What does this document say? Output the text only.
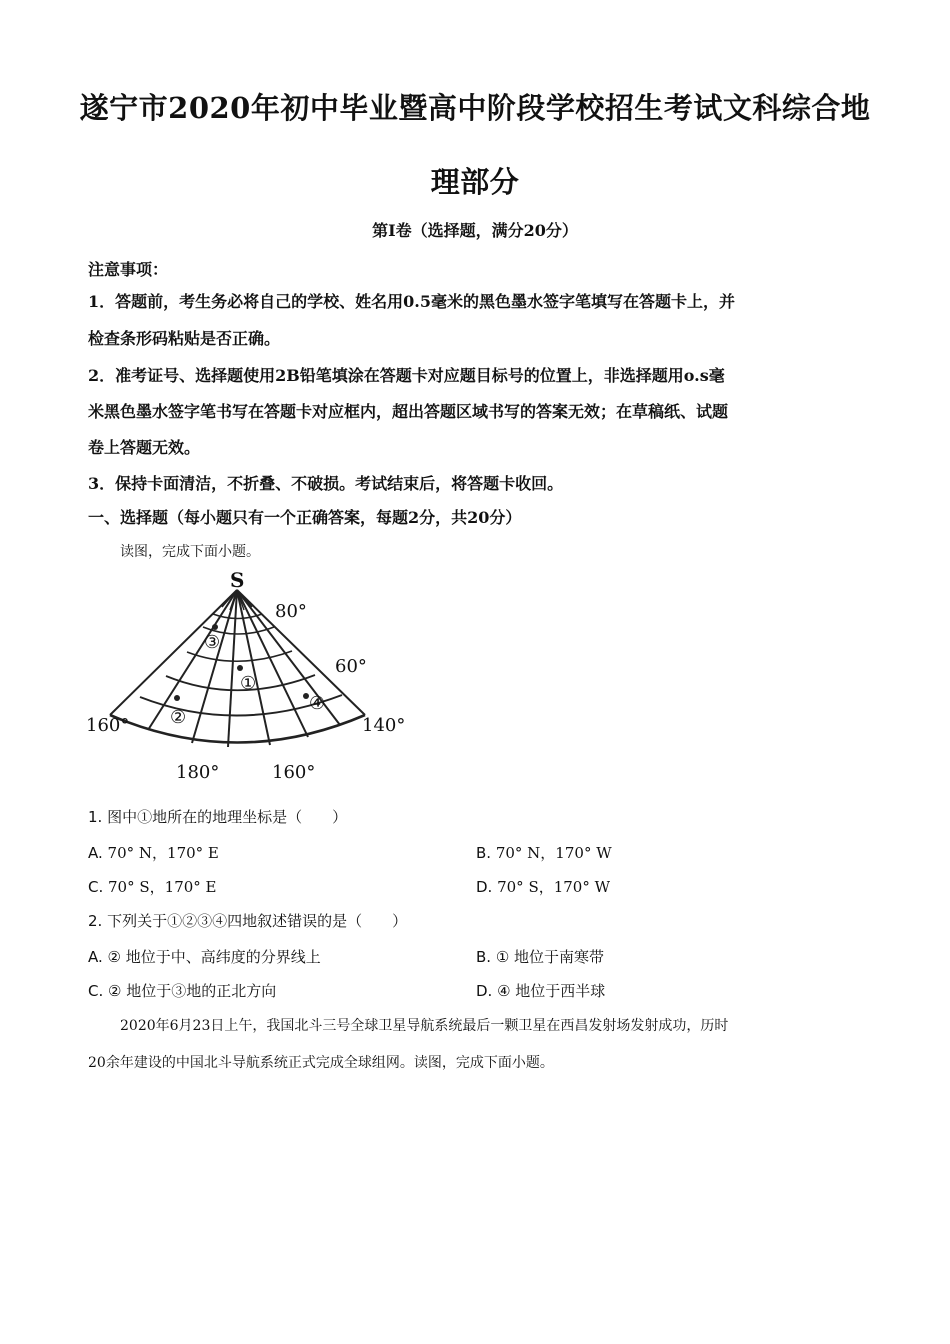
遂宁市2020年初中毕业暨高中阶段学校招生考试文科综合地
理部分
第Ⅰ卷（选择题，满分20分）
注意事项：
1．答题前，考生务必将自己的学校、姓名用0.5毫米的黑色墨水签字笔填写在答题卡上，并
检查条形码粘贴是否正确。
2．准考证号、选择题使用2B铅笔填涂在答题卡对应题目标号的位置上，非选择题用o.s毫
米黑色墨水签字笔书写在答题卡对应框内，超出答题区域书写的答案无效；在草稿纸、试题
卷上答题无效。
3．保持卡面清洁，不折叠、不破损。考试结束后，将答题卡收回。
一、选择题（每小题只有一个正确答案，每题2分，共20分）
读图，完成下面小题。
S
80°
60°
160°	140°
180°	160°
③
①
②
④
1. 图中①地所在的地理坐标是（　　）
A. 70° N，170° E	B. 70° N，170° W
C. 70° S，170° E	D. 70° S，170° W
2. 下列关于①②③④四地叙述错误的是（　　）
A. ② 地位于中、高纬度的分界线上	B. ① 地位于南寒带
C. ② 地位于③地的正北方向	D. ④ 地位于西半球
2020年6月23日上午，我国北斗三号全球卫星导航系统最后一颗卫星在西昌发射场发射成功，历时
20余年建设的中国北斗导航系统正式完成全球组网。读图，完成下面小题。
